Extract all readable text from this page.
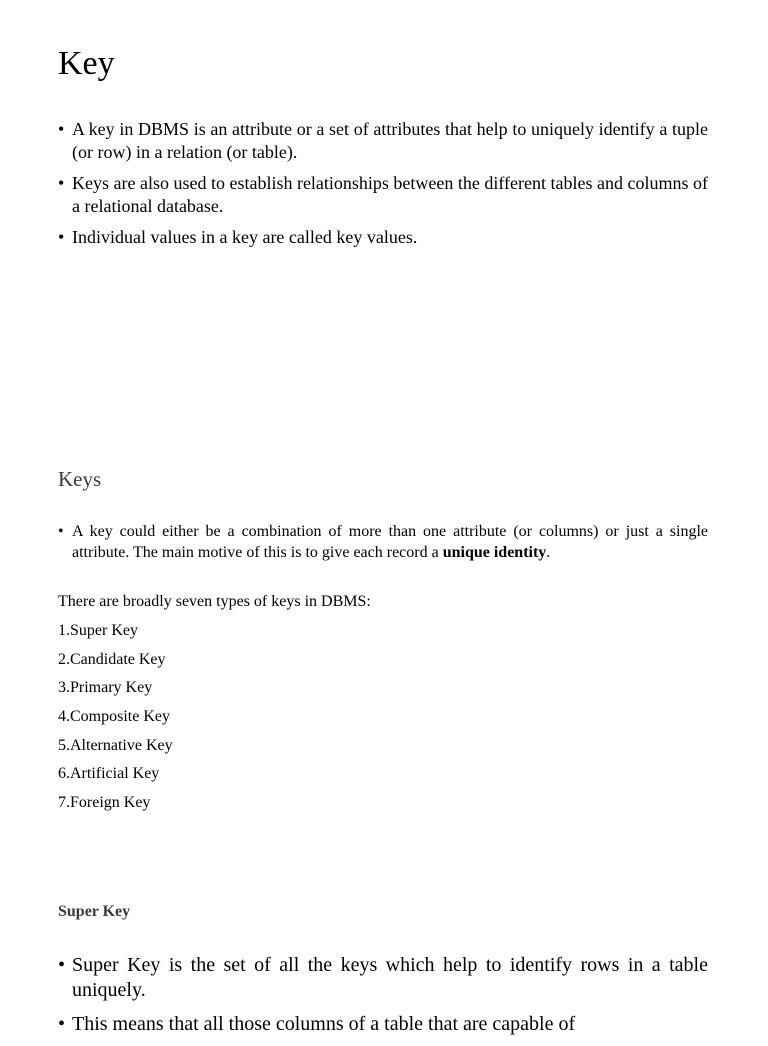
Key
• A key in DBMS is an attribute or a set of attributes that help to uniquely identify a tuple (or row) in a relation (or table).
• Keys are also used to establish relationships between the different tables and columns of a relational database.
• Individual values in a key are called key values.
Keys
• A key could either be a combination of more than one attribute (or columns) or just a single attribute. The main motive of this is to give each record a unique identity.

There are broadly seven types of keys in DBMS:

1.Super Key
2.Candidate Key
3.Primary Key
4.Composite Key
5.Alternative Key
6.Artificial Key
7.Foreign Key
Super Key
• Super Key is the set of all the keys which help to identify rows in a table uniquely.
• This means that all those columns of a table that are capable of
